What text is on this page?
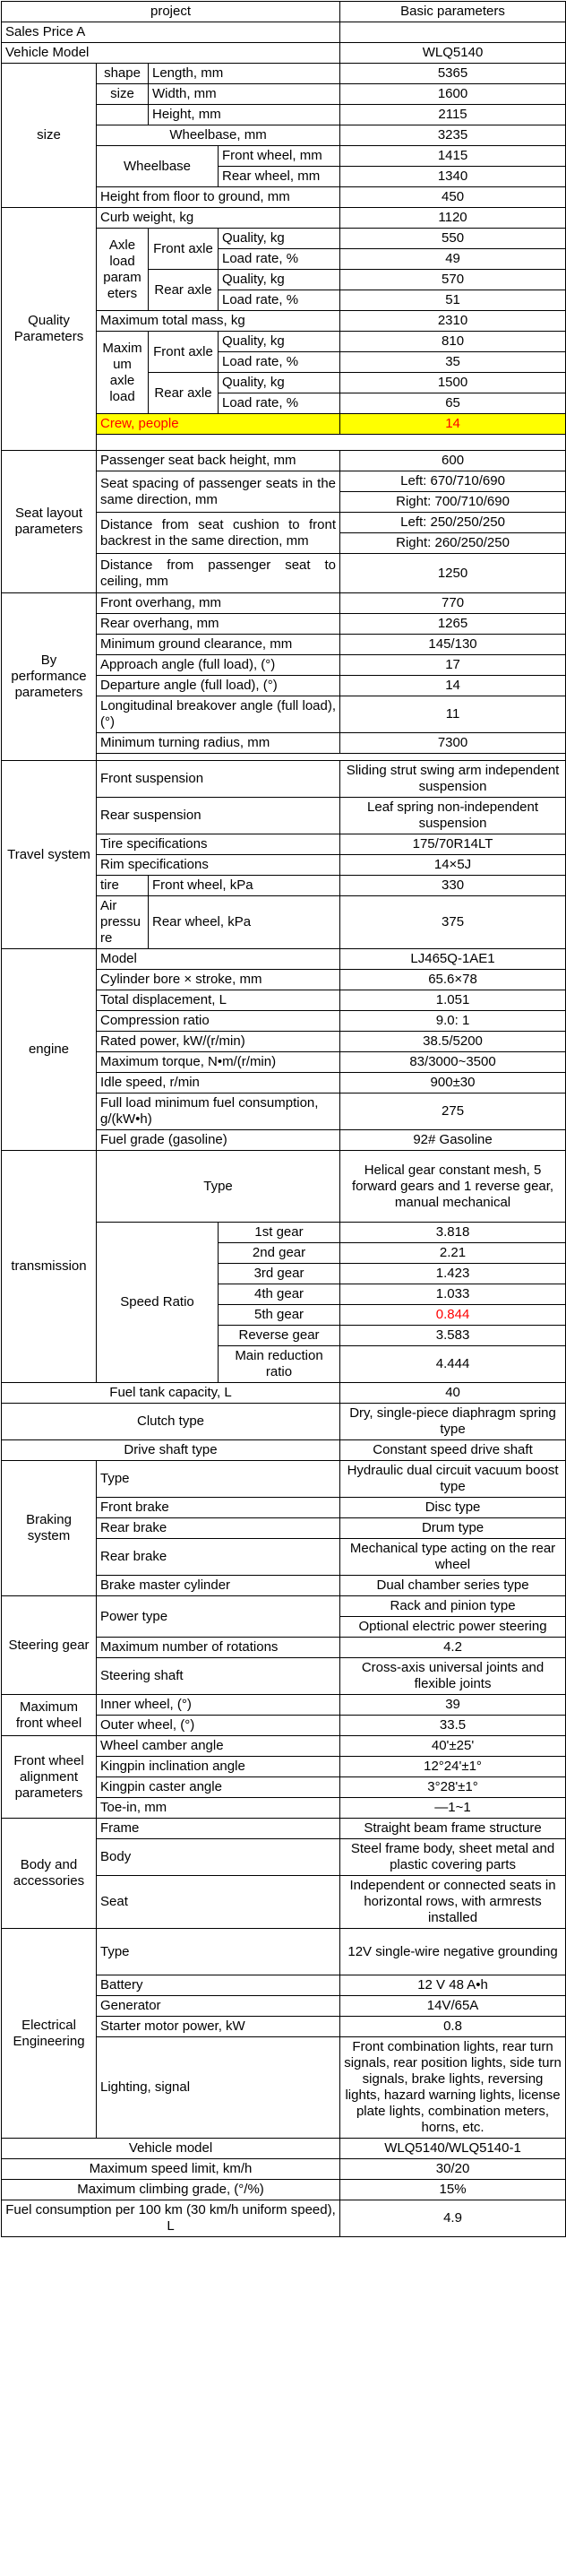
project				Basic parameters
Sales Price A				
Vehicle Model				WLQ5140
size	shape	Length, mm		5365
	size	Width, mm		1600
		Height, mm		2115
	Wheelbase, mm			3235
	Wheelbase		Front wheel, mm	1415
			Rear wheel, mm	1340
	Height from floor to ground, mm			450
Quality Parameters	Curb weight, kg			1120
	Axle load parameters	Front axle	Quality, kg	550
			Load rate, %	49
		Rear axle	Quality, kg	570
			Load rate, %	51
	Maximum total mass, kg			2310
	Maximum axle load	Front axle	Quality, kg	810
			Load rate, %	35
		Rear axle	Quality, kg	1500
			Load rate, %	65
	Crew, people			14

Seat layout parameters	Passenger seat back height, mm			600
	Seat spacing of passenger seats in the same direction, mm			Left: 670/710/690
				Right: 700/710/690
	Distance from seat cushion to front backrest in the same direction, mm			Left: 250/250/250
				Right: 260/250/250
	Distance from passenger seat to ceiling, mm			1250
By performance parameters	Front overhang, mm			770
	Rear overhang, mm			1265
	Minimum ground clearance, mm			145/130
	Approach angle (full load), (°)			17
	Departure angle (full load), (°)			14
	Longitudinal breakover angle (full load), (°)			11
	Minimum turning radius, mm			7300

Travel system	Front suspension			Sliding strut swing arm independent suspension
	Rear suspension			Leaf spring non-independent suspension
	Tire specifications			175/70R14LT
	Rim specifications			14×5J
	tire	Front wheel, kPa		330
	Air pressure	Rear wheel, kPa		375
engine	Model			LJ465Q-1AE1
	Cylinder bore × stroke, mm			65.6×78
	Total displacement, L			1.051
	Compression ratio			9.0: 1
	Rated power, kW/(r/min)			38.5/5200
	Maximum torque, N•m/(r/min)			83/3000~3500
	Idle speed, r/min			900±30
	Full load minimum fuel consumption, g/(kW•h)			275
	Fuel grade (gasoline)			92# Gasoline
transmission	Type			Helical gear constant mesh, 5 forward gears and 1 reverse gear, manual mechanical
	Speed Ratio		1st gear	3.818
			2nd gear	2.21
			3rd gear	1.423
			4th gear	1.033
			5th gear	0.844
			Reverse gear	3.583
			Main reduction ratio	4.444
Fuel tank capacity, L				40
Clutch type				Dry, single-piece diaphragm spring type
Drive shaft type				Constant speed drive shaft
Braking system	Type			Hydraulic dual circuit vacuum boost type
	Front brake			Disc type
	Rear brake			Drum type
	Rear brake			Mechanical type acting on the rear wheel
	Brake master cylinder			Dual chamber series type
Steering gear	Power type			Rack and pinion type
				Optional electric power steering
	Maximum number of rotations			4.2
	Steering shaft			Cross-axis universal joints and flexible joints
Maximum front wheel	Inner wheel, (°)			39
	Outer wheel, (°)			33.5
Front wheel alignment parameters	Wheel camber angle			40'±25'
	Kingpin inclination angle			12°24'±1°
	Kingpin caster angle			3°28'±1°
	Toe-in, mm			—1~1
Body and accessories	Frame			Straight beam frame structure
	Body			Steel frame body, sheet metal and plastic covering parts
	Seat			Independent or connected seats in horizontal rows, with armrests installed
Electrical Engineering	Type			12V single-wire negative grounding
	Battery			12 V 48 A•h
	Generator			14V/65A
	Starter motor power, kW			0.8
	Lighting, signal			Front combination lights, rear turn signals, rear position lights, side turn signals, brake lights, reversing lights, hazard warning lights, license plate lights, combination meters, horns, etc.
Vehicle model				WLQ5140/WLQ5140-1
Maximum speed limit, km/h				30/20
Maximum climbing grade, (°/%)				15%
Fuel consumption per 100 km (30 km/h uniform speed), L				4.9
